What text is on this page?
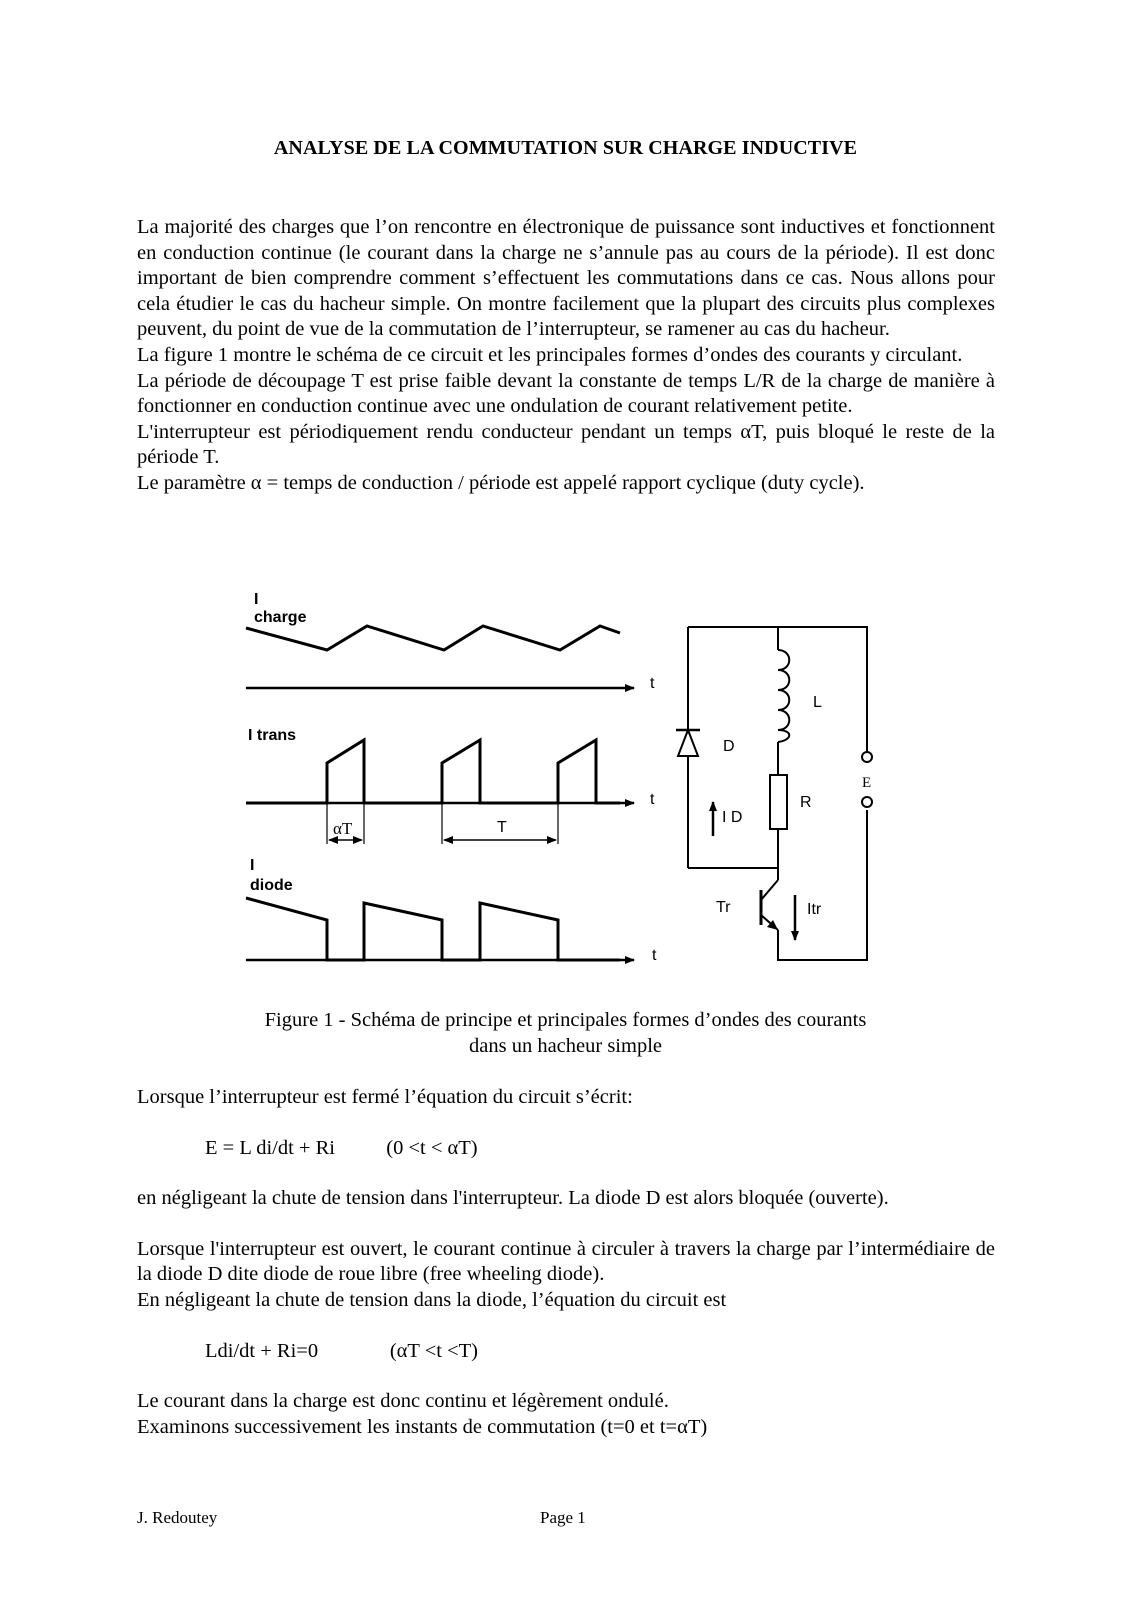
ANALYSE DE LA COMMUTATION SUR CHARGE INDUCTIVE

La majorité des charges que l’on rencontre en électronique de puissance sont inductives et fonctionnent en conduction continue (le courant dans la charge ne s’annule pas au cours de la période). Il est donc important de bien comprendre comment s’effectuent les commutations dans ce cas. Nous allons pour cela étudier le cas du hacheur simple. On montre facilement que la plupart des circuits plus complexes peuvent, du point de vue de la commutation de l’interrupteur, se ramener au cas du hacheur.

La figure 1 montre le schéma de ce circuit et les principales formes d’ondes des courants y circulant.

La période de découpage T est prise faible devant la constante de temps L/R de la charge de manière à fonctionner en conduction continue avec une ondulation de courant relativement petite.

L'interrupteur est périodiquement rendu conducteur pendant un temps αT, puis bloqué le reste de la période T.

Le paramètre α = temps de conduction / période est appelé rapport cyclique (duty cycle).

I
charge
t
I trans
t
αT	T
I
diode
t
L
D
E
R
I D
Tr	Itr
Figure 1 - Schéma de principe et principales formes d’ondes des courants
dans un hacheur simple

Lorsque l’interrupteur est fermé l’équation du circuit s’écrit:

E = L di/dt + Ri          (0 <t < αT)

en négligeant la chute de tension dans l'interrupteur. La diode D est alors bloquée (ouverte).

Lorsque l'interrupteur est ouvert, le courant continue à circuler à travers la charge par l’intermédiaire de la diode D dite diode de roue libre (free wheeling diode).

En négligeant la chute de tension dans la diode, l’équation du circuit est

Ldi/dt + Ri=0              (αT <t <T)

Le courant dans la charge est donc continu et légèrement ondulé.

Examinons successivement les instants de commutation (t=0 et t=αT)

J. Redoutey	Page 1
